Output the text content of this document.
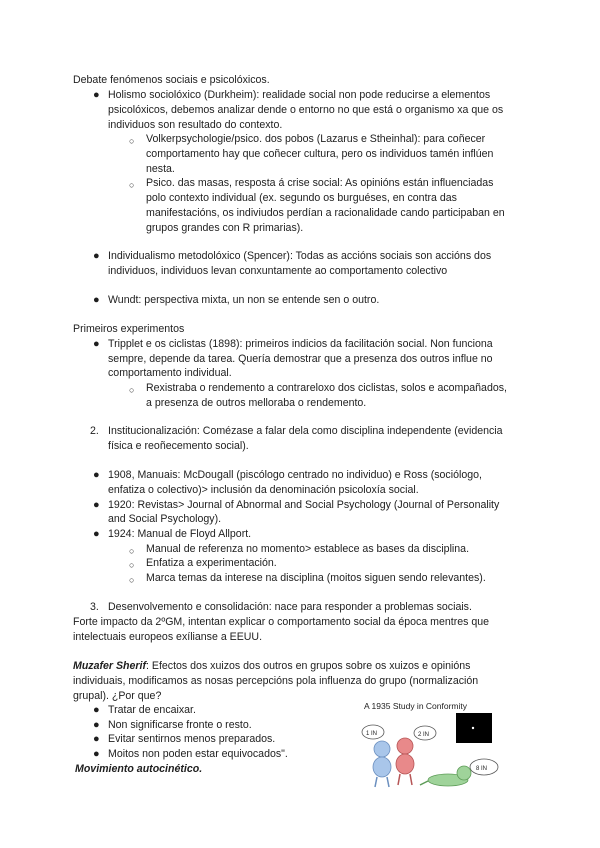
Debate fenómenos sociais e psicolóxicos.
● Holismo sociolóxico (Durkheim): realidade social non pode reducirse a elementos
psicolóxicos, debemos analizar dende o entorno no que está o organismo xa que os
individuos son resultado do contexto.
○ Volkerpsychologie/psico. dos pobos (Lazarus e Stheinhal): para coñecer
comportamento hay que coñecer cultura, pero os individuos tamén inflúen
nesta.
○ Psico. das masas, resposta á crise social: As opinións están influenciadas
polo contexto individual (ex. segundo os burguéses, en contra das
manifestacións, os indiviudos perdían a racionalidade cando participaban en
grupos grandes con R primarias).
● Individualismo metodolóxico (Spencer): Todas as accións sociais son accións dos
individuos, individuos levan conxuntamente ao comportamento colectivo
● Wundt: perspectiva mixta, un non se entende sen o outro.
Primeiros experimentos
● Tripplet e os ciclistas (1898): primeiros indicios da facilitación social. Non funciona
sempre, depende da tarea. Quería demostrar que a presenza dos outros influe no
comportamento individual.
○ Rexistraba o rendemento a contrareloxo dos ciclistas, solos e acompañados,
a presenza de outros melloraba o rendemento.
2. Institucionalización: Comézase a falar dela como disciplina independente (evidencia
física e reoñecemento social).
● 1908, Manuais: McDougall (piscólogo centrado no individuo) e Ross (sociólogo,
enfatiza o colectivo)> inclusión da denominación psicoloxía social.
● 1920: Revistas> Journal of Abnormal and Social Psychology (Journal of Personality
and Social Psychology).
● 1924: Manual de Floyd Allport.
○ Manual de referenza no momento> establece as bases da disciplina.
○ Enfatiza a experimentación.
○ Marca temas da interese na disciplina (moitos siguen sendo relevantes).
3. Desenvolvemento e consolidación: nace para responder a problemas sociais.
Forte impacto da 2ºGM, intentan explicar o comportamento social da época mentres que
intelectuais europeos exílianse a EEUU.
Muzafer Sherif: Efectos dos xuizos dos outros en grupos sobre os xuizos e opinións
individuais, modificamos as nosas percepcións pola influenza do grupo (normalización
grupal). ¿Por que?
● Tratar de encaixar.
● Non significarse fronte o resto.
● Evitar sentirnos menos preparados.
● Moitos non poden estar equivocados".
Movimiento autocinético.
A 1935 Study in Conformity
1 IN	2 IN
8 IN
